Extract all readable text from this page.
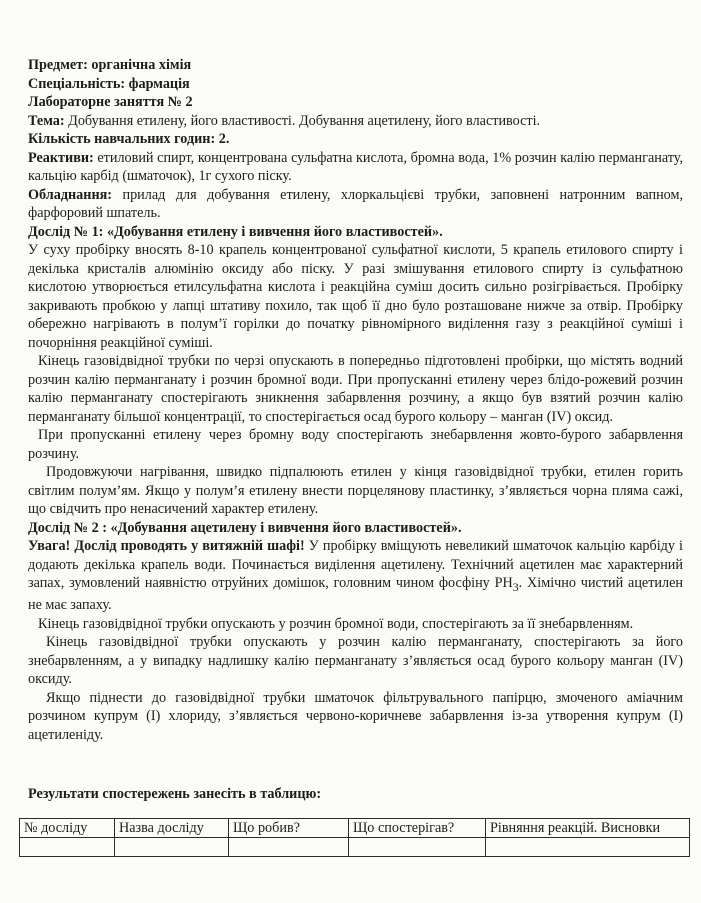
Предмет: органічна хімія

Спеціальність: фармація

Лабораторне заняття № 2

Тема: Добування етилену, його властивості. Добування ацетилену, його властивості.

Кількість навчальних годин: 2.

Реактиви: етиловий спирт, концентрована сульфатна кислота, бромна вода, 1% розчин калію перманганату, кальцію карбід (шматочок), 1г сухого піску.

Обладнання: прилад для добування етилену, хлоркальцієві трубки, заповнені натронним вапном, фарфоровий шпатель.

Дослід № 1: «Добування етилену і вивчення його властивостей».

У суху пробірку вносять 8-10 крапель концентрованої сульфатної кислоти, 5 крапель етилового спирту і декілька кристалів алюмінію оксиду або піску. У разі змішування етилового спирту із сульфатною кислотою утворюється етилсульфатна кислота і реакційна суміш досить сильно розігрівається. Пробірку закривають пробкою у лапці штативу похило, так щоб її дно було розташоване нижче за отвір. Пробірку обережно нагрівають в полум’ї горілки до початку рівномірного виділення газу з реакційної суміші і почорніння реакційної суміші.

Кінець газовідвідної трубки по черзі опускають в попередньо підготовлені пробірки, що містять водний розчин калію перманганату і розчин бромної води. При пропусканні етилену через блідо-рожевий розчин калію перманганату спостерігають зникнення забарвлення розчину, а якщо був взятий розчин калію перманганату більшої концентрації, то спостерігається осад бурого кольору – манган (IV) оксид.

При пропусканні етилену через бромну воду спостерігають знебарвлення жовто-бурого забарвлення розчину.

Продовжуючи нагрівання, швидко підпалюють етилен у кінця газовідвідної трубки, етилен горить світлим полум’ям. Якщо у полум’я етилену внести порцелянову пластинку, з’являється чорна пляма сажі, що свідчить про ненасичений характер етилену.

Дослід № 2 : «Добування ацетилену і вивчення його властивостей».

Увага! Дослід проводять у витяжній шафі! У пробірку вміщують невеликий шматочок кальцію карбіду і додають декілька крапель води. Починається виділення ацетилену. Технічний ацетилен має характерний запах, зумовлений наявністю отруйних домішок, головним чином фосфіну $РН_3$. Хімічно чистий ацетилен не має запаху.

Кінець газовідвідної трубки опускають у розчин бромної води, спостерігають за її знебарвленням.

Кінець газовідвідної трубки опускають у розчин калію перманганату, спостерігають за його знебарвленням, а у випадку надлишку калію перманганату з’являється осад бурого кольору манган (IV) оксиду.

Якщо піднести до газовідвідної трубки шматочок фільтрувального папірцю, змоченого аміачним розчином купрум (I) хлориду, з’являється червоно-коричневе забарвлення із-за утворення купрум (I) ацетиленіду.

Результати спостережень занесіть в таблицю:
№ досліду	Назва досліду	Що робив?	Що спостерігав?	Рівняння реакцій. Висновки
